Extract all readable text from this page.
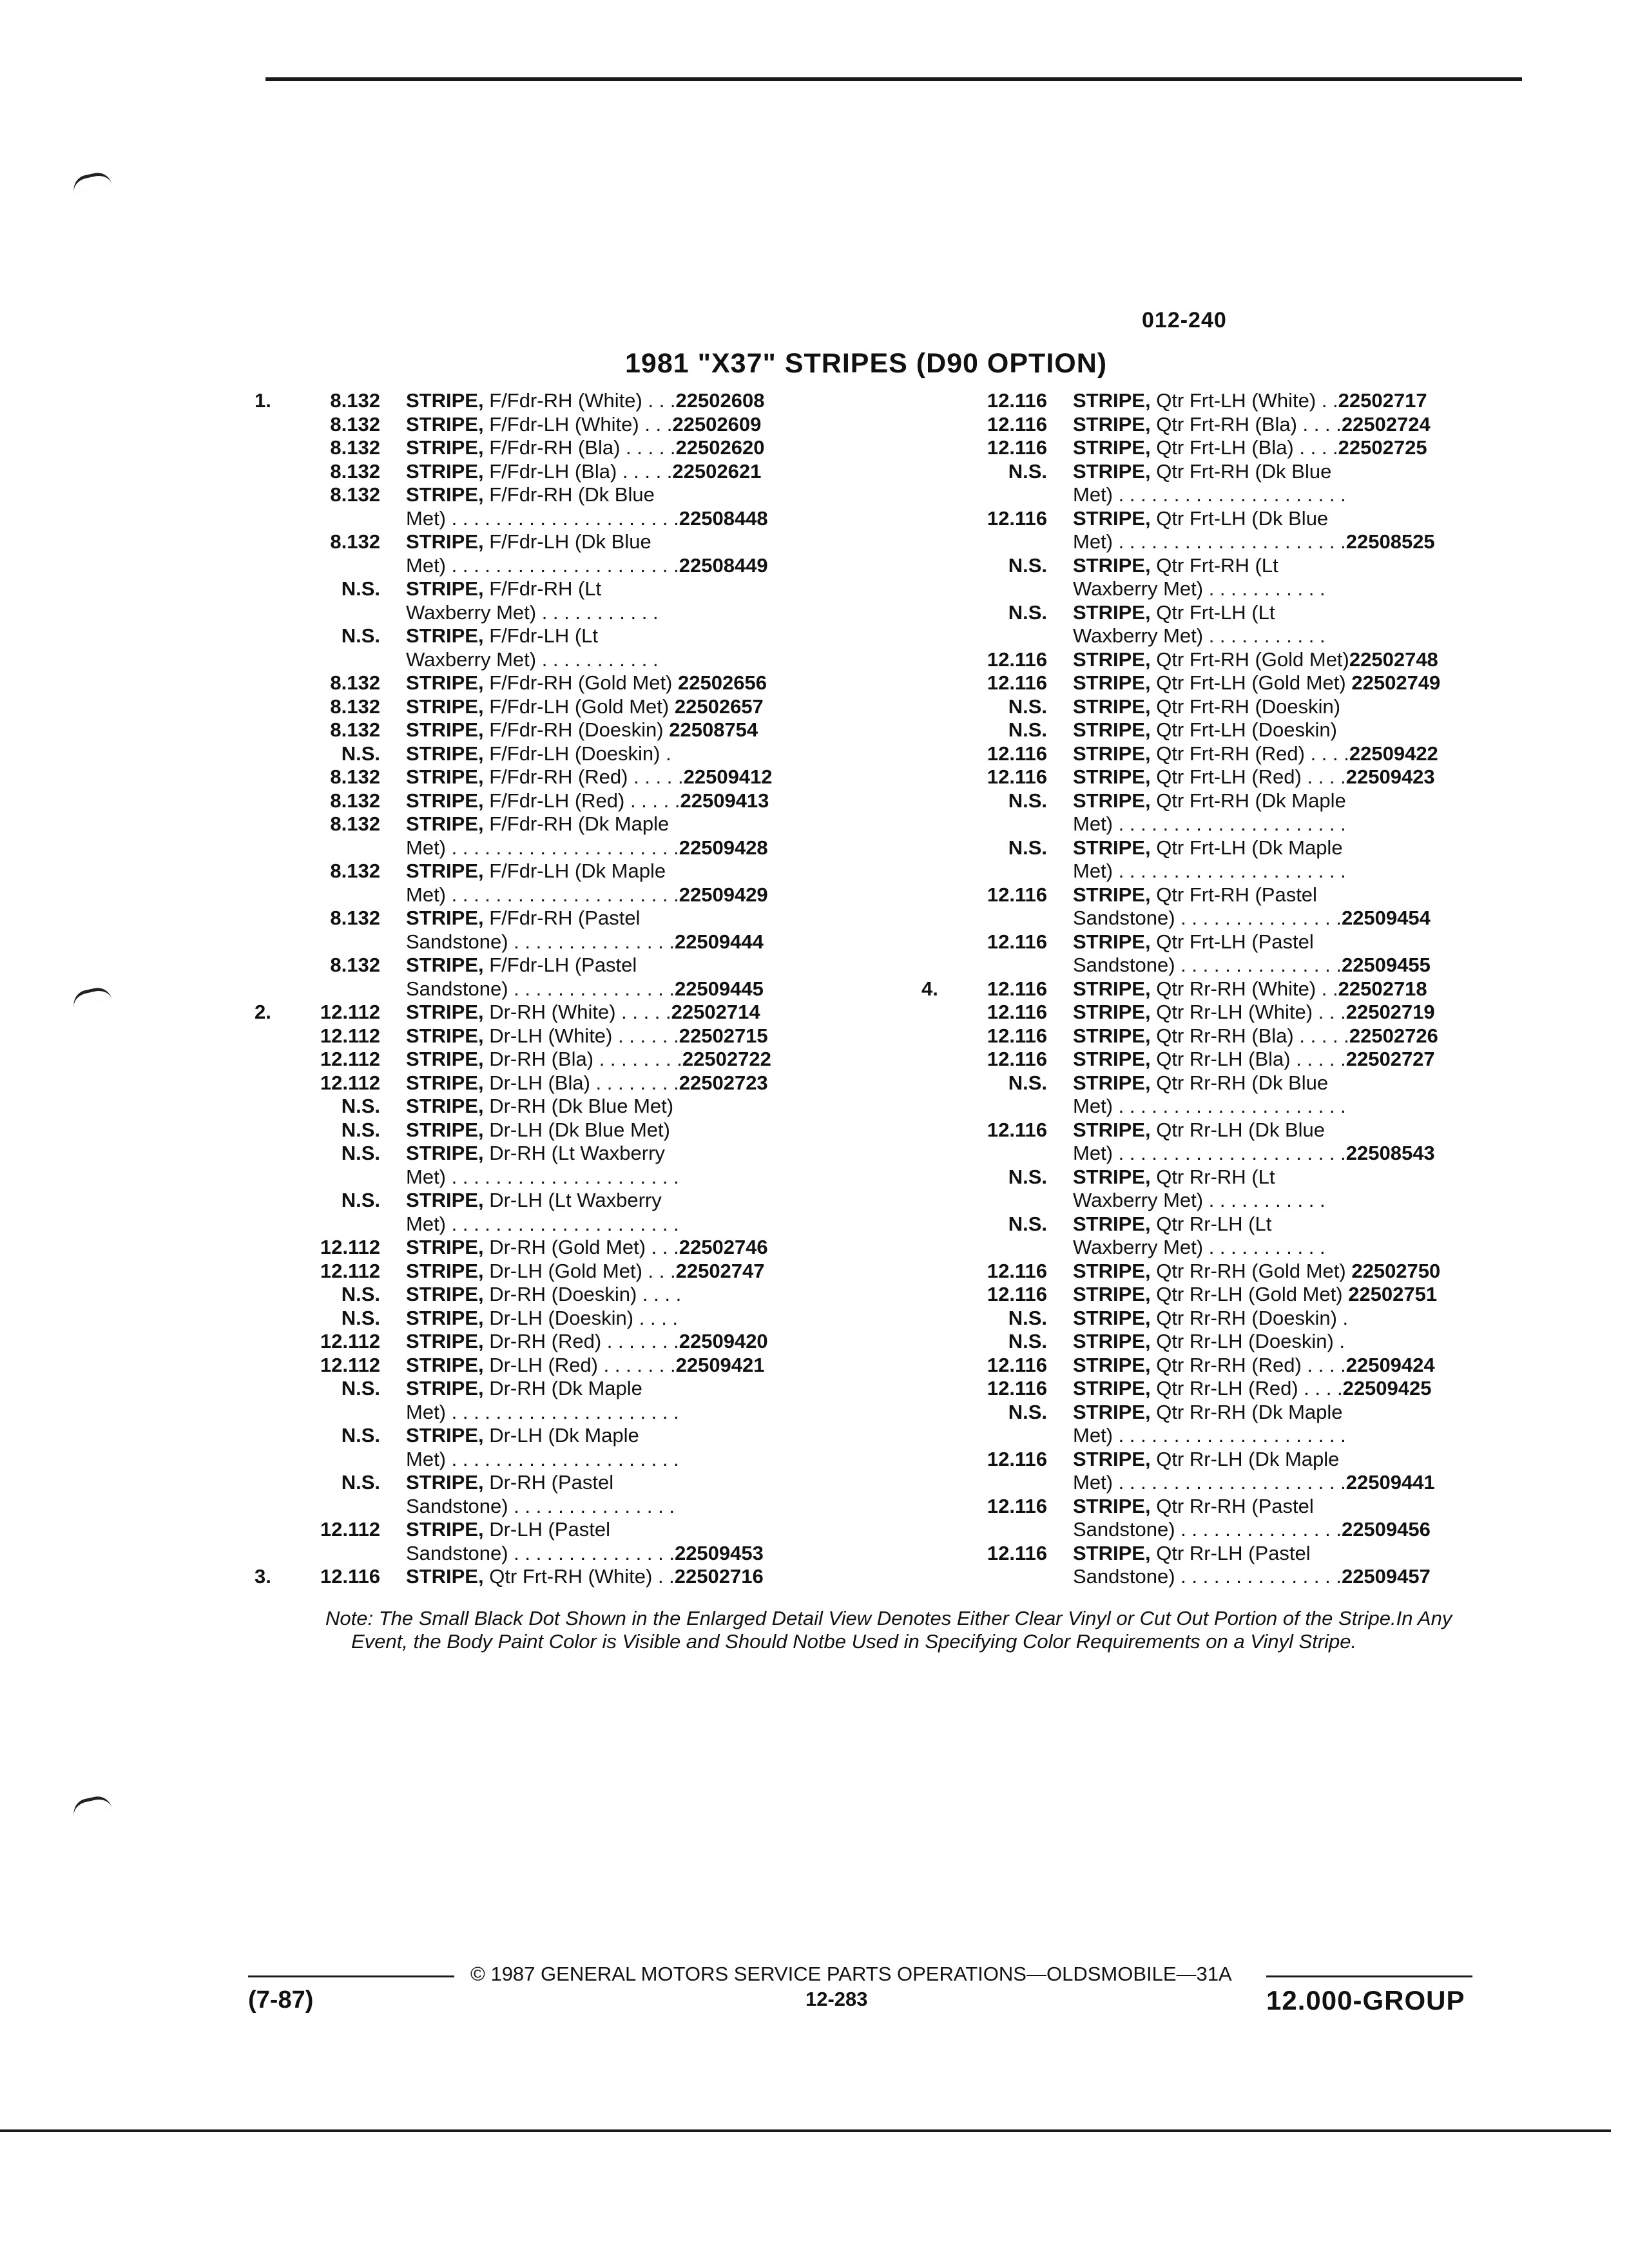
012-240
1981 "X37" STRIPES (D90 OPTION)
1.	8.132	STRIPE, F/Fdr-RH (White) . . .22502608
8.132	STRIPE, F/Fdr-LH (White) . . .22502609
8.132	STRIPE, F/Fdr-RH (Bla) . . . . .22502620
8.132	STRIPE, F/Fdr-LH (Bla) . . . . .22502621
8.132	STRIPE, F/Fdr-RH (Dk Blue
Met) . . . . . . . . . . . . . . . . . . . . .22508448
8.132	STRIPE, F/Fdr-LH (Dk Blue
Met) . . . . . . . . . . . . . . . . . . . . .22508449
N.S.	STRIPE, F/Fdr-RH (Lt
Waxberry Met) . . . . . . . . . . .
N.S.	STRIPE, F/Fdr-LH (Lt
Waxberry Met) . . . . . . . . . . .
8.132	STRIPE, F/Fdr-RH (Gold Met) 22502656
8.132	STRIPE, F/Fdr-LH (Gold Met) 22502657
8.132	STRIPE, F/Fdr-RH (Doeskin) 22508754
N.S.	STRIPE, F/Fdr-LH (Doeskin) .
8.132	STRIPE, F/Fdr-RH (Red) . . . . .22509412
8.132	STRIPE, F/Fdr-LH (Red) . . . . .22509413
8.132	STRIPE, F/Fdr-RH (Dk Maple
Met) . . . . . . . . . . . . . . . . . . . . .22509428
8.132	STRIPE, F/Fdr-LH (Dk Maple
Met) . . . . . . . . . . . . . . . . . . . . .22509429
8.132	STRIPE, F/Fdr-RH (Pastel
Sandstone) . . . . . . . . . . . . . . .22509444
8.132	STRIPE, F/Fdr-LH (Pastel
Sandstone) . . . . . . . . . . . . . . .22509445
2.	12.112	STRIPE, Dr-RH (White) . . . . .22502714
12.112	STRIPE, Dr-LH (White) . . . . . .22502715
12.112	STRIPE, Dr-RH (Bla) . . . . . . . .22502722
12.112	STRIPE, Dr-LH (Bla) . . . . . . . .22502723
N.S.	STRIPE, Dr-RH (Dk Blue Met)
N.S.	STRIPE, Dr-LH (Dk Blue Met)
N.S.	STRIPE, Dr-RH (Lt Waxberry
Met) . . . . . . . . . . . . . . . . . . . . .
N.S.	STRIPE, Dr-LH (Lt Waxberry
Met) . . . . . . . . . . . . . . . . . . . . .
12.112	STRIPE, Dr-RH (Gold Met) . . .22502746
12.112	STRIPE, Dr-LH (Gold Met) . . .22502747
N.S.	STRIPE, Dr-RH (Doeskin) . . . .
N.S.	STRIPE, Dr-LH (Doeskin) . . . .
12.112	STRIPE, Dr-RH (Red) . . . . . . .22509420
12.112	STRIPE, Dr-LH (Red) . . . . . . .22509421
N.S.	STRIPE, Dr-RH (Dk Maple
Met) . . . . . . . . . . . . . . . . . . . . .
N.S.	STRIPE, Dr-LH (Dk Maple
Met) . . . . . . . . . . . . . . . . . . . . .
N.S.	STRIPE, Dr-RH (Pastel
Sandstone) . . . . . . . . . . . . . . .
12.112	STRIPE, Dr-LH (Pastel
Sandstone) . . . . . . . . . . . . . . .22509453
3.	12.116	STRIPE, Qtr Frt-RH (White) . .22502716
12.116	STRIPE, Qtr Frt-LH (White) . .22502717
12.116	STRIPE, Qtr Frt-RH (Bla) . . . .22502724
12.116	STRIPE, Qtr Frt-LH (Bla) . . . .22502725
N.S.	STRIPE, Qtr Frt-RH (Dk Blue
Met) . . . . . . . . . . . . . . . . . . . . .
12.116	STRIPE, Qtr Frt-LH (Dk Blue
Met) . . . . . . . . . . . . . . . . . . . . .22508525
N.S.	STRIPE, Qtr Frt-RH (Lt
Waxberry Met) . . . . . . . . . . .
N.S.	STRIPE, Qtr Frt-LH (Lt
Waxberry Met) . . . . . . . . . . .
12.116	STRIPE, Qtr Frt-RH (Gold Met)22502748
12.116	STRIPE, Qtr Frt-LH (Gold Met) 22502749
N.S.	STRIPE, Qtr Frt-RH (Doeskin)
N.S.	STRIPE, Qtr Frt-LH (Doeskin)
12.116	STRIPE, Qtr Frt-RH (Red) . . . .22509422
12.116	STRIPE, Qtr Frt-LH (Red) . . . .22509423
N.S.	STRIPE, Qtr Frt-RH (Dk Maple
Met) . . . . . . . . . . . . . . . . . . . . .
N.S.	STRIPE, Qtr Frt-LH (Dk Maple
Met) . . . . . . . . . . . . . . . . . . . . .
12.116	STRIPE, Qtr Frt-RH (Pastel
Sandstone) . . . . . . . . . . . . . . .22509454
12.116	STRIPE, Qtr Frt-LH (Pastel
Sandstone) . . . . . . . . . . . . . . .22509455
4.	12.116	STRIPE, Qtr Rr-RH (White) . .22502718
12.116	STRIPE, Qtr Rr-LH (White) . . .22502719
12.116	STRIPE, Qtr Rr-RH (Bla) . . . . .22502726
12.116	STRIPE, Qtr Rr-LH (Bla) . . . . .22502727
N.S.	STRIPE, Qtr Rr-RH (Dk Blue
Met) . . . . . . . . . . . . . . . . . . . . .
12.116	STRIPE, Qtr Rr-LH (Dk Blue
Met) . . . . . . . . . . . . . . . . . . . . .22508543
N.S.	STRIPE, Qtr Rr-RH (Lt
Waxberry Met) . . . . . . . . . . .
N.S.	STRIPE, Qtr Rr-LH (Lt
Waxberry Met) . . . . . . . . . . .
12.116	STRIPE, Qtr Rr-RH (Gold Met) 22502750
12.116	STRIPE, Qtr Rr-LH (Gold Met) 22502751
N.S.	STRIPE, Qtr Rr-RH (Doeskin) .
N.S.	STRIPE, Qtr Rr-LH (Doeskin) .
12.116	STRIPE, Qtr Rr-RH (Red) . . . .22509424
12.116	STRIPE, Qtr Rr-LH (Red) . . . .22509425
N.S.	STRIPE, Qtr Rr-RH (Dk Maple
Met) . . . . . . . . . . . . . . . . . . . . .
12.116	STRIPE, Qtr Rr-LH (Dk Maple
Met) . . . . . . . . . . . . . . . . . . . . .22509441
12.116	STRIPE, Qtr Rr-RH (Pastel
Sandstone) . . . . . . . . . . . . . . .22509456
12.116	STRIPE, Qtr Rr-LH (Pastel
Sandstone) . . . . . . . . . . . . . . .22509457

Note: The Small Black Dot Shown in the Enlarged Detail View Denotes Either Clear Vinyl or Cut Out Portion of the Stripe.In Any Event, the Body Paint Color is Visible and Should Notbe Used in Specifying Color Requirements on a Vinyl Stripe.

© 1987 GENERAL MOTORS SERVICE PARTS OPERATIONS—OLDSMOBILE—31A
(7-87)	12-283	12.000-GROUP
